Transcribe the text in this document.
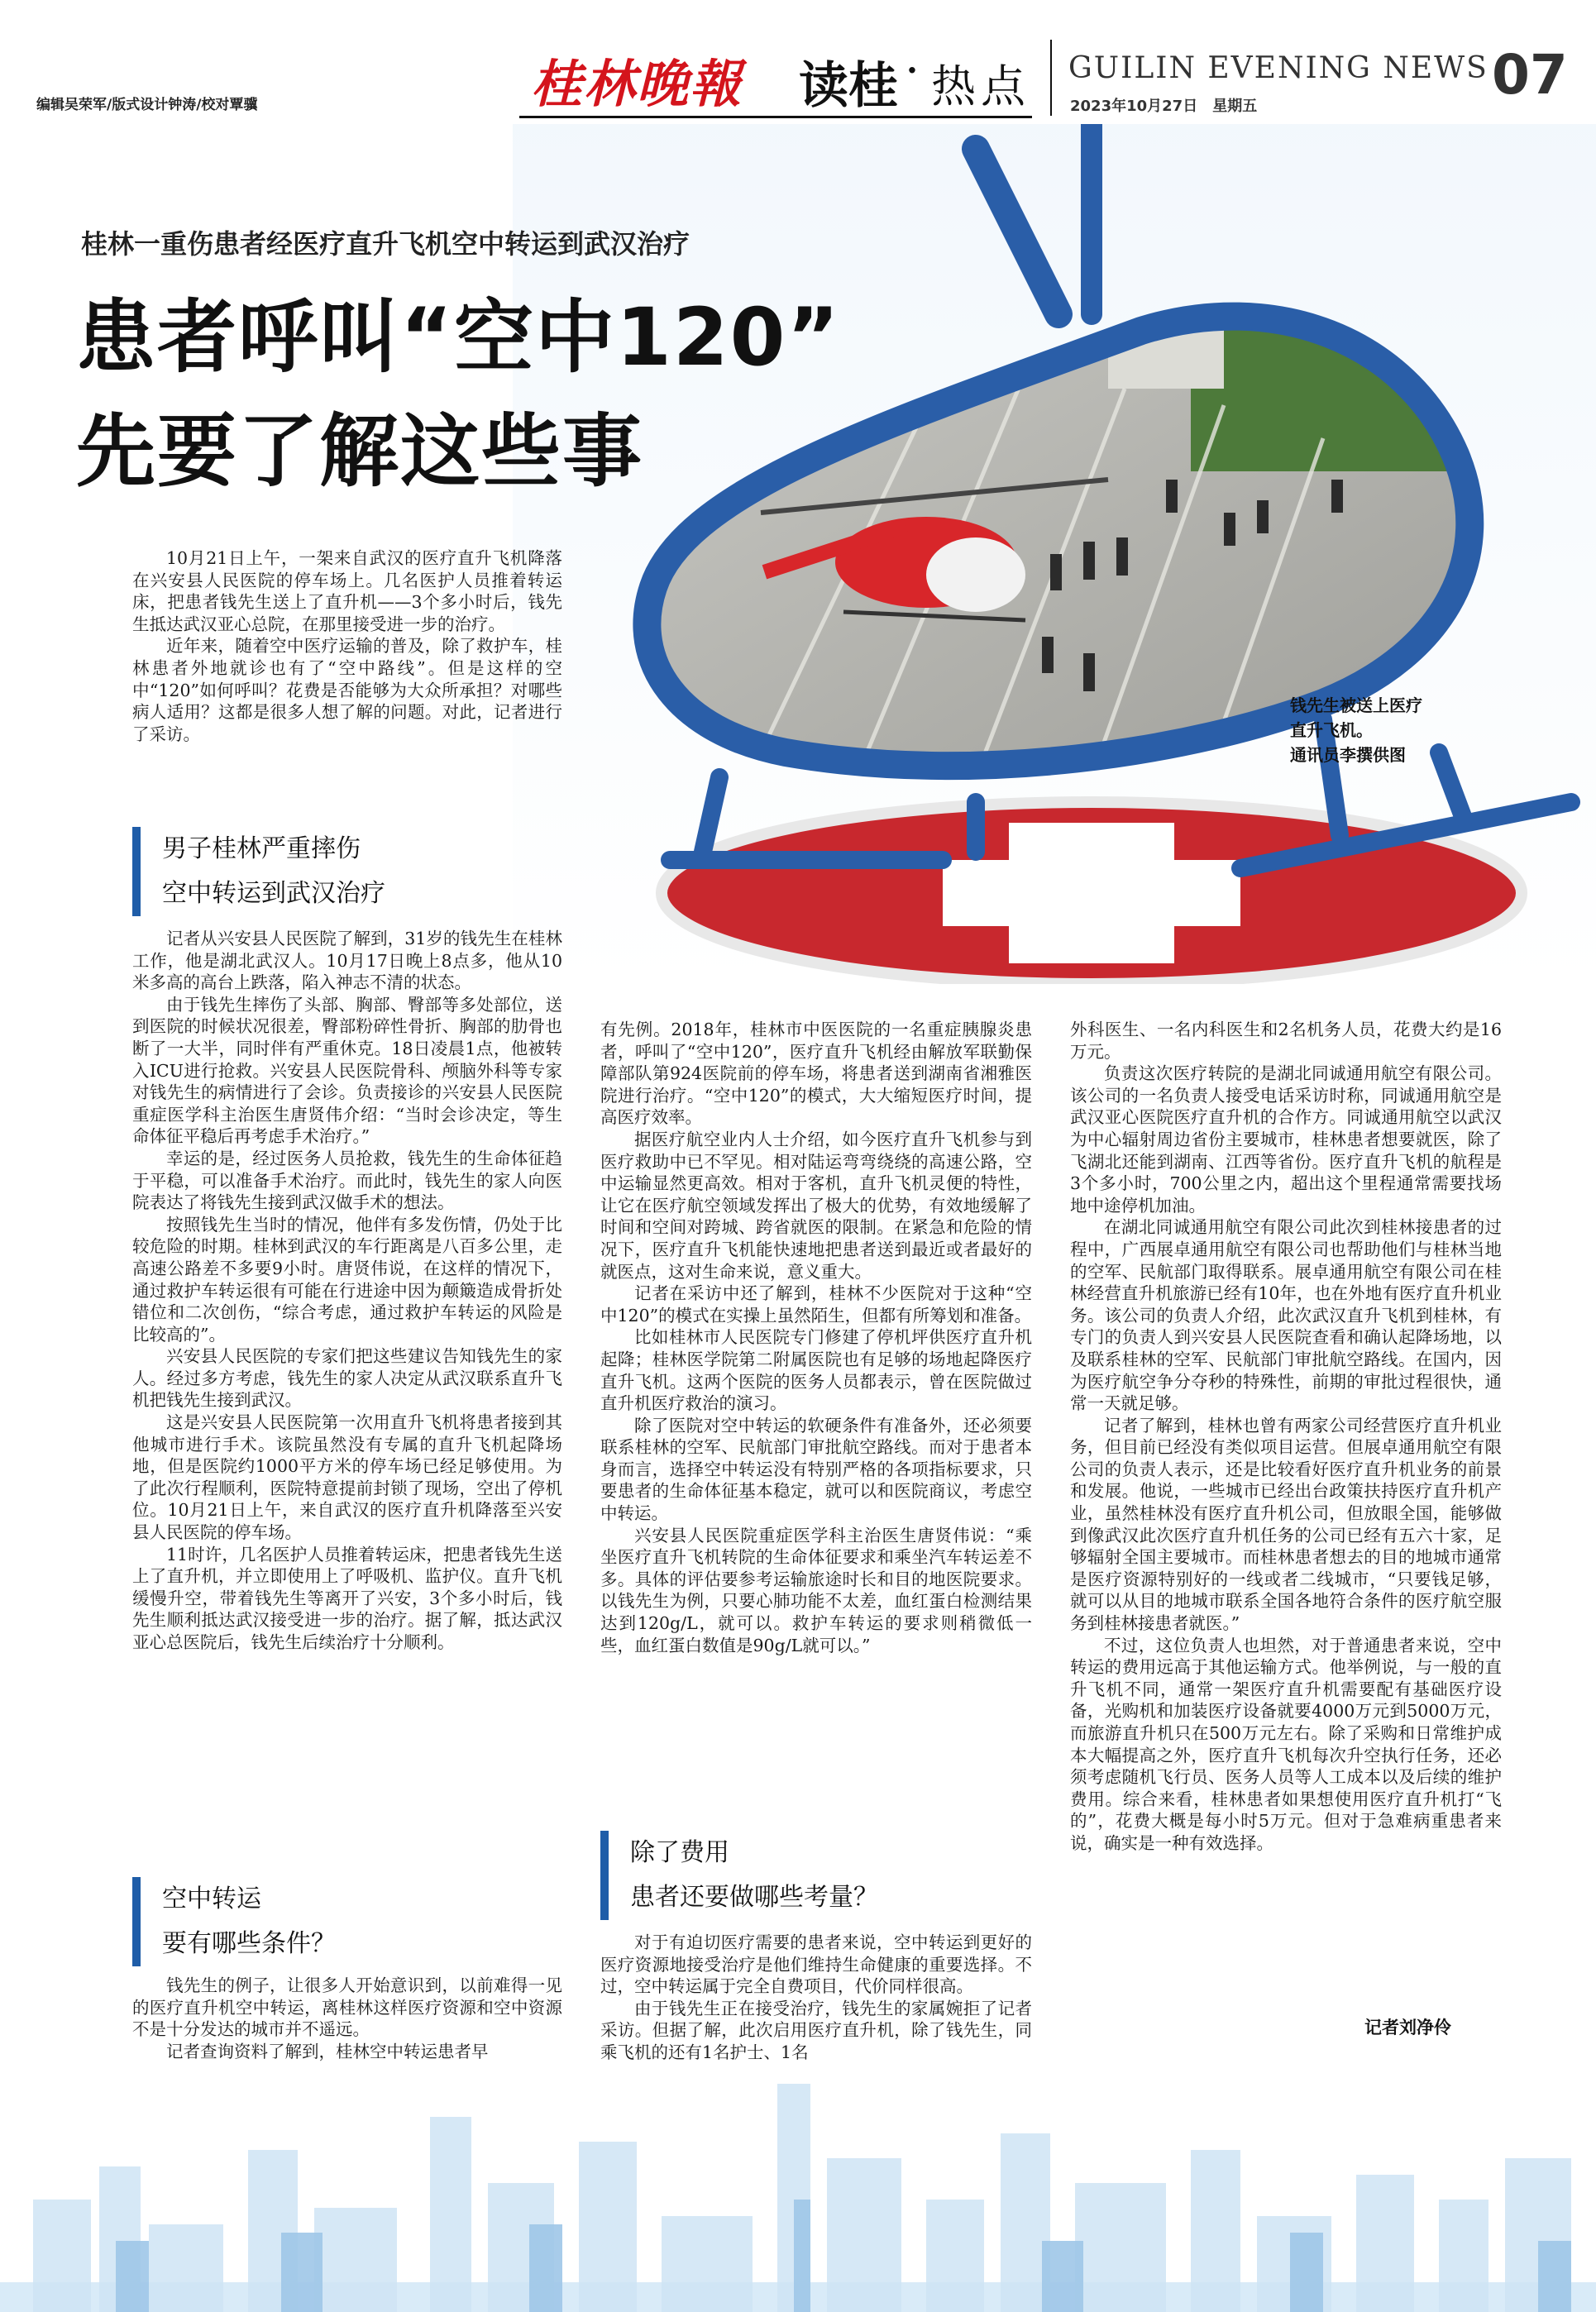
编辑吴荣军/版式设计钟涛/校对覃骥	桂林晚報 读桂 · 热点 GUILIN EVENING NEWS
2023年10月27日　星期五	07
桂林一重伤患者经医疗直升飞机空中转运到武汉治疗
患者呼叫“空中120”
先要了解这些事

10月21日上午，一架来自武汉的医疗直升飞机降落在兴安县人民医院的停车场上。几名医护人员推着转运床，把患者钱先生送上了直升机——3个多小时后，钱先生抵达武汉亚心总院，在那里接受进一步的治疗。

近年来，随着空中医疗运输的普及，除了救护车，桂林患者外地就诊也有了“空中路线”。但是这样的空中“120”如何呼叫？花费是否能够为大众所承担？对哪些病人适用？这都是很多人想了解的问题。对此，记者进行了采访。

钱先生被送上医疗
直升飞机。
通讯员李撰供图
男子桂林严重摔伤
空中转运到武汉治疗

记者从兴安县人民医院了解到，31岁的钱先生在桂林工作，他是湖北武汉人。10月17日晚上8点多，他从10米多高的高台上跌落，陷入神志不清的状态。

由于钱先生摔伤了头部、胸部、臀部等多处部位，送到医院的时候状况很差，臀部粉碎性骨折、胸部的肋骨也断了一大半，同时伴有严重休克。18日凌晨1点，他被转入ICU进行抢救。兴安县人民医院骨科、颅脑外科等专家对钱先生的病情进行了会诊。负责接诊的兴安县人民医院重症医学科主治医生唐贤伟介绍：“当时会诊决定，等生命体征平稳后再考虑手术治疗。”

幸运的是，经过医务人员抢救，钱先生的生命体征趋于平稳，可以准备手术治疗。而此时，钱先生的家人向医院表达了将钱先生接到武汉做手术的想法。

按照钱先生当时的情况，他伴有多发伤情，仍处于比较危险的时期。桂林到武汉的车行距离是八百多公里，走高速公路差不多要9小时。唐贤伟说，在这样的情况下，通过救护车转运很有可能在行进途中因为颠簸造成骨折处错位和二次创伤，“综合考虑，通过救护车转运的风险是比较高的”。

兴安县人民医院的专家们把这些建议告知钱先生的家人。经过多方考虑，钱先生的家人决定从武汉联系直升飞机把钱先生接到武汉。

这是兴安县人民医院第一次用直升飞机将患者接到其他城市进行手术。该院虽然没有专属的直升飞机起降场地，但是医院约1000平方米的停车场已经足够使用。为了此次行程顺利，医院特意提前封锁了现场，空出了停机位。10月21日上午，来自武汉的医疗直升机降落至兴安县人民医院的停车场。

11时许，几名医护人员推着转运床，把患者钱先生送上了直升机，并立即使用上了呼吸机、监护仪。直升飞机缓慢升空，带着钱先生等离开了兴安，3个多小时后，钱先生顺利抵达武汉接受进一步的治疗。据了解，抵达武汉亚心总医院后，钱先生后续治疗十分顺利。

空中转运
要有哪些条件？

钱先生的例子，让很多人开始意识到，以前难得一见的医疗直升机空中转运，离桂林这样医疗资源和空中资源不是十分发达的城市并不遥远。

记者查询资料了解到，桂林空中转运患者早

有先例。2018年，桂林市中医医院的一名重症胰腺炎患者，呼叫了“空中120”，医疗直升飞机经由解放军联勤保障部队第924医院前的停车场，将患者送到湖南省湘雅医院进行治疗。“空中120”的模式，大大缩短医疗时间，提高医疗效率。

据医疗航空业内人士介绍，如今医疗直升飞机参与到医疗救助中已不罕见。相对陆运弯弯绕绕的高速公路，空中运输显然更高效。相对于客机，直升飞机灵便的特性，让它在医疗航空领域发挥出了极大的优势，有效地缓解了时间和空间对跨城、跨省就医的限制。在紧急和危险的情况下，医疗直升飞机能快速地把患者送到最近或者最好的就医点，这对生命来说，意义重大。

记者在采访中还了解到，桂林不少医院对于这种“空中120”的模式在实操上虽然陌生，但都有所筹划和准备。

比如桂林市人民医院专门修建了停机坪供医疗直升机起降；桂林医学院第二附属医院也有足够的场地起降医疗直升飞机。这两个医院的医务人员都表示，曾在医院做过直升机医疗救治的演习。

除了医院对空中转运的软硬条件有准备外，还必须要联系桂林的空军、民航部门审批航空路线。而对于患者本身而言，选择空中转运没有特别严格的各项指标要求，只要患者的生命体征基本稳定，就可以和医院商议，考虑空中转运。

兴安县人民医院重症医学科主治医生唐贤伟说：“乘坐医疗直升飞机转院的生命体征要求和乘坐汽车转运差不多。具体的评估要参考运输旅途时长和目的地医院要求。以钱先生为例，只要心肺功能不太差，血红蛋白检测结果达到120g/L，就可以。救护车转运的要求则稍微低一些，血红蛋白数值是90g/L就可以。”

除了费用
患者还要做哪些考量？

对于有迫切医疗需要的患者来说，空中转运到更好的医疗资源地接受治疗是他们维持生命健康的重要选择。不过，空中转运属于完全自费项目，代价同样很高。

由于钱先生正在接受治疗，钱先生的家属婉拒了记者采访。但据了解，此次启用医疗直升机，除了钱先生，同乘飞机的还有1名护士、1名

外科医生、一名内科医生和2名机务人员，花费大约是16万元。

负责这次医疗转院的是湖北同诚通用航空有限公司。该公司的一名负责人接受电话采访时称，同诚通用航空是武汉亚心医院医疗直升机的合作方。同诚通用航空以武汉为中心辐射周边省份主要城市，桂林患者想要就医，除了飞湖北还能到湖南、江西等省份。医疗直升飞机的航程是3个多小时，700公里之内，超出这个里程通常需要找场地中途停机加油。

在湖北同诚通用航空有限公司此次到桂林接患者的过程中，广西展卓通用航空有限公司也帮助他们与桂林当地的空军、民航部门取得联系。展卓通用航空有限公司在桂林经营直升机旅游已经有10年，也在外地有医疗直升机业务。该公司的负责人介绍，此次武汉直升飞机到桂林，有专门的负责人到兴安县人民医院查看和确认起降场地，以及联系桂林的空军、民航部门审批航空路线。在国内，因为医疗航空争分夺秒的特殊性，前期的审批过程很快，通常一天就足够。

记者了解到，桂林也曾有两家公司经营医疗直升机业务，但目前已经没有类似项目运营。但展卓通用航空有限公司的负责人表示，还是比较看好医疗直升机业务的前景和发展。他说，一些城市已经出台政策扶持医疗直升机产业，虽然桂林没有医疗直升机公司，但放眼全国，能够做到像武汉此次医疗直升机任务的公司已经有五六十家，足够辐射全国主要城市。而桂林患者想去的目的地城市通常是医疗资源特别好的一线或者二线城市，“只要钱足够，就可以从目的地城市联系全国各地符合条件的医疗航空服务到桂林接患者就医。”

不过，这位负责人也坦然，对于普通患者来说，空中转运的费用远高于其他运输方式。他举例说，与一般的直升飞机不同，通常一架医疗直升机需要配有基础医疗设备，光购机和加装医疗设备就要4000万元到5000万元，而旅游直升机只在500万元左右。除了采购和日常维护成本大幅提高之外，医疗直升飞机每次升空执行任务，还必须考虑随机飞行员、医务人员等人工成本以及后续的维护费用。综合来看，桂林患者如果想使用医疗直升机打“飞的”，花费大概是每小时5万元。但对于急难病重患者来说，确实是一种有效选择。

记者刘净伶
